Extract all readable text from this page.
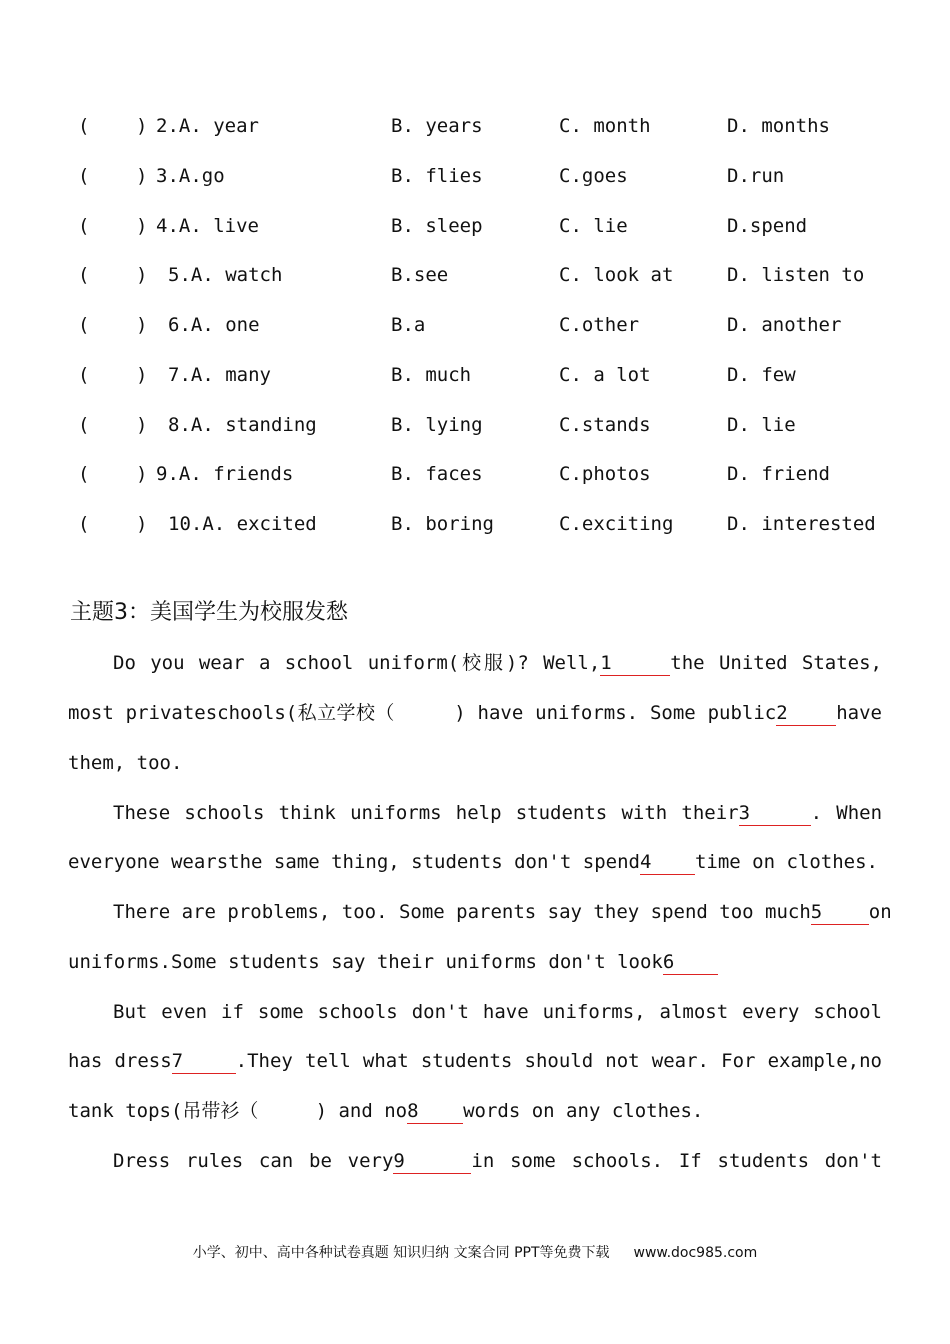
( ) 2.A. year	B. years	C. month	D. months
( ) 3.A.go	B. flies	C.goes	D.run
( ) 4.A. live	B. sleep	C. lie	D.spend
( ) 5.A. watch	B.see	C. look at	D. listen to
( ) 6.A. one	B.a	C.other	D. another
( ) 7.A. many	B. much	C. a lot	D. few
( ) 8.A. standing	B. lying	C.stands	D. lie
( ) 9.A. friends	B. faces	C.photos	D. friend
( ) 10.A. excited	B. boring	C.exciting	D. interested
主题3：美国学生为校服发愁
Do you wear a school uniform(校服)? Well,1	the United States,
most privateschools(私立学校（     ) have uniforms. Some public2	have
them, too.
These schools think uniforms help students with their3	. When
everyone wearsthe same thing, students don't spend4 time on clothes.
There are problems, too. Some parents say they spend too much5 on
uniforms.Some students say their uniforms don't look6
But even if some schools don't have uniforms, almost every school
has dress7	.They tell what students should not wear. For example,no
tank tops(吊带衫（     ) and no8 words on any clothes.
Dress rules can be very9	in some schools. If students don't
小学、初中、高中各种试卷真题 知识归纳 文案合同 PPT等免费下载 www.doc985.com
